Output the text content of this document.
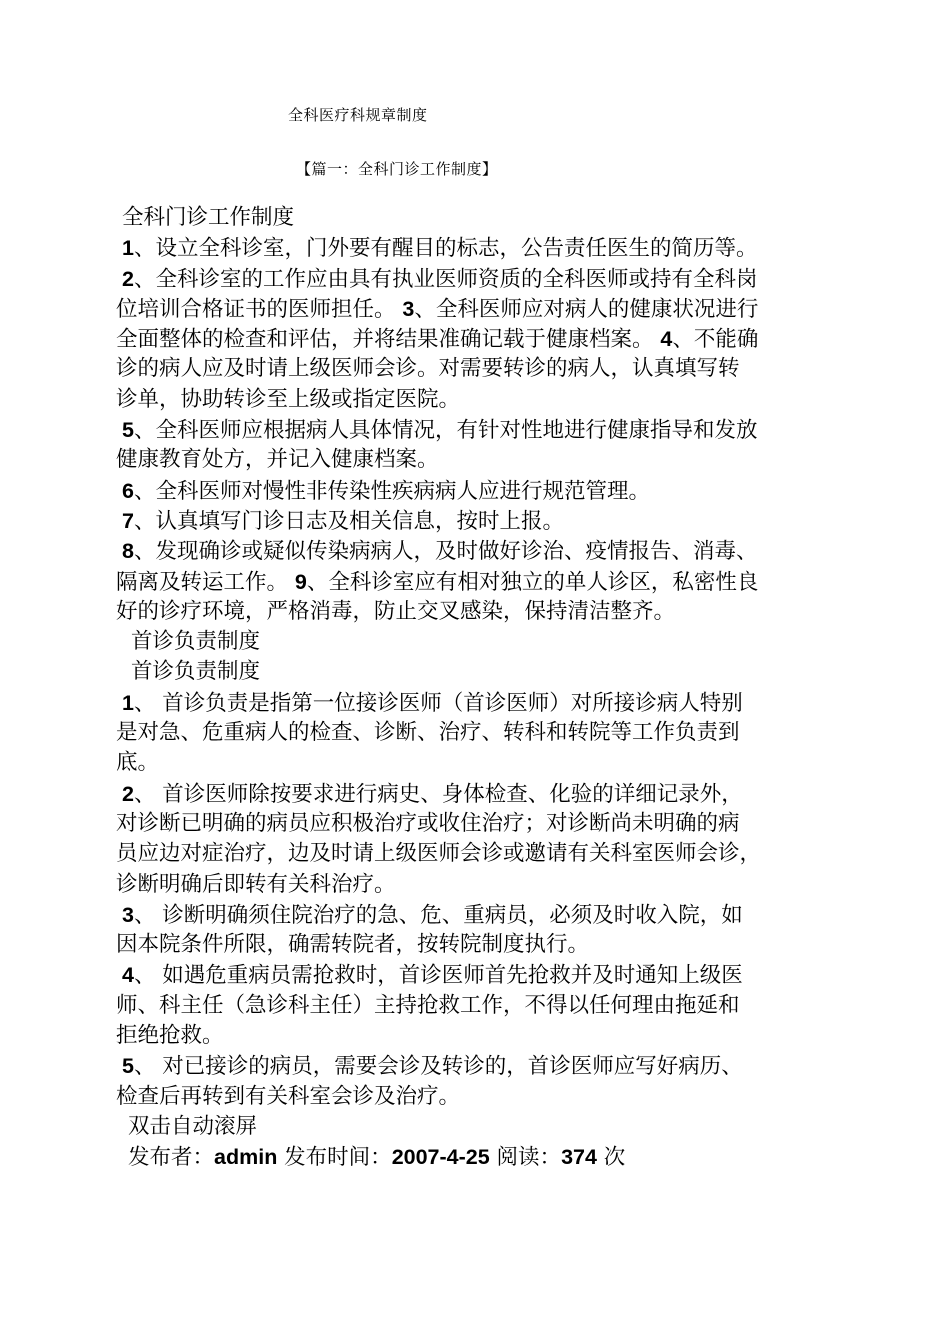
全科医疗科规章制度
【篇一：全科门诊工作制度】
全科门诊工作制度
1、设立全科诊室，门外要有醒目的标志，公告责任医生的简历等。
2、全科诊室的工作应由具有执业医师资质的全科医师或持有全科岗
位培训合格证书的医师担任。 3、全科医师应对病人的健康状况进行
全面整体的检查和评估，并将结果准确记载于健康档案。 4、不能确
诊的病人应及时请上级医师会诊。对需要转诊的病人，认真填写转
诊单，协助转诊至上级或指定医院。
5、全科医师应根据病人具体情况，有针对性地进行健康指导和发放
健康教育处方，并记入健康档案。
6、全科医师对慢性非传染性疾病病人应进行规范管理。
7、认真填写门诊日志及相关信息，按时上报。
8、发现确诊或疑似传染病病人，及时做好诊治、疫情报告、消毒、
隔离及转运工作。 9、全科诊室应有相对独立的单人诊区，私密性良
好的诊疗环境，严格消毒，防止交叉感染，保持清洁整齐。
首诊负责制度
首诊负责制度
1、 首诊负责是指第一位接诊医师（首诊医师）对所接诊病人特别
是对急、危重病人的检查、诊断、治疗、转科和转院等工作负责到
底。
2、 首诊医师除按要求进行病史、身体检查、化验的详细记录外，
对诊断已明确的病员应积极治疗或收住治疗；对诊断尚未明确的病
员应边对症治疗，边及时请上级医师会诊或邀请有关科室医师会诊，
诊断明确后即转有关科治疗。
3、 诊断明确须住院治疗的急、危、重病员，必须及时收入院，如
因本院条件所限，确需转院者，按转院制度执行。
4、 如遇危重病员需抢救时，首诊医师首先抢救并及时通知上级医
师、科主任（急诊科主任）主持抢救工作，不得以任何理由拖延和
拒绝抢救。
5、 对已接诊的病员，需要会诊及转诊的，首诊医师应写好病历、
检查后再转到有关科室会诊及治疗。
双击自动滚屏
发布者：admin 发布时间：2007-4-25 阅读：374 次
